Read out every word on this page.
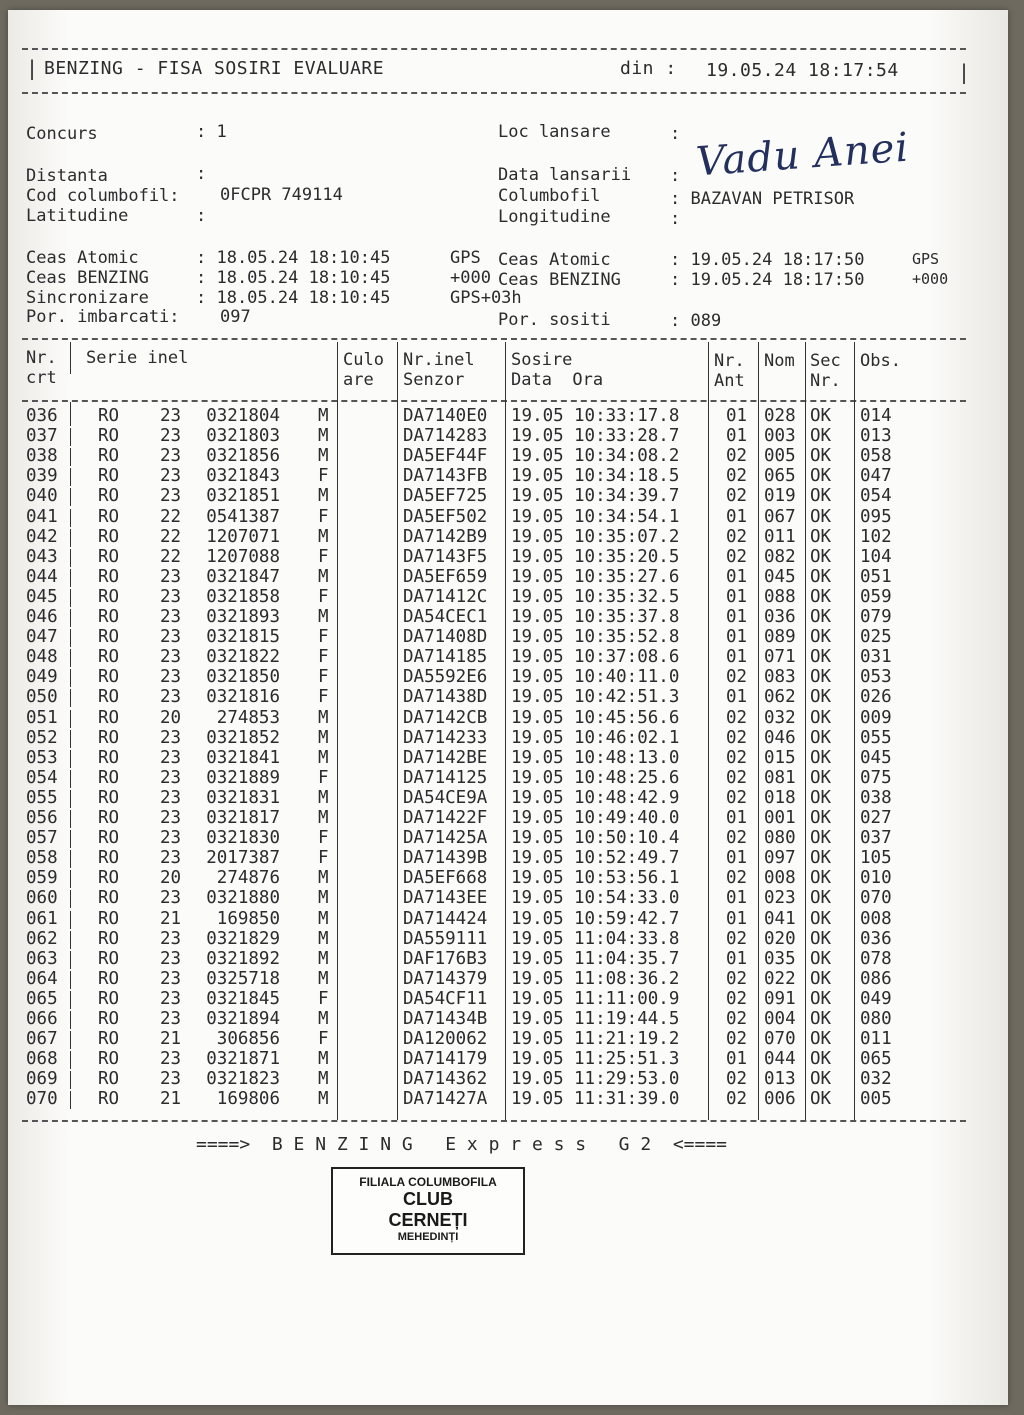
|	|
BENZING - FISA SOSIRI EVALUARE	din : 19.05.24 18:17:54
Concurs	: 1	Loc lansare	: Vadu Anei
Distanta	:	Data lansarii :
Cod columbofil: 0FCPR 749114	Columbofil	: BAZAVAN PETRISOR
Latitudine	:	Longitudine	:
Ceas Atomic	: 18.05.24 18:10:45	GPS Ceas Atomic	: 19.05.24 18:17:50	GPS
Ceas BENZING	: 18.05.24 18:10:45	+000 Ceas BENZING	: 19.05.24 18:17:50	+000
Sincronizare	: 18.05.24 18:10:45	GPS+03h
Por. imbarcati: 097	Por. sositi	: 089
Nr.
crt
Serie inel	Culo
are
Nr.inel
Senzor
Sosire
Data  Ora
Nr.
Ant
Nom Sec
Nr.
Obs.
036 RO 23 0321804 M	DA7140E0 19.05 10:33:17.8	01 028 OK 014
037 RO 23 0321803 M	DA714283 19.05 10:33:28.7	01 003 OK 013
038 RO 23 0321856 M	DA5EF44F 19.05 10:34:08.2	02 005 OK 058
039 RO 23 0321843 F	DA7143FB 19.05 10:34:18.5	02 065 OK 047
040 RO 23 0321851 M	DA5EF725 19.05 10:34:39.7	02 019 OK 054
041 RO 22 0541387 F	DA5EF502 19.05 10:34:54.1	01 067 OK 095
042 RO 22 1207071 M	DA7142B9 19.05 10:35:07.2	02 011 OK 102
043 RO 22 1207088 F	DA7143F5 19.05 10:35:20.5	02 082 OK 104
044 RO 23 0321847 M	DA5EF659 19.05 10:35:27.6	01 045 OK 051
045 RO 23 0321858 F	DA71412C 19.05 10:35:32.5	01 088 OK 059
046 RO 23 0321893 M	DA54CEC1 19.05 10:35:37.8	01 036 OK 079
047 RO 23 0321815 F	DA71408D 19.05 10:35:52.8	01 089 OK 025
048 RO 23 0321822 F	DA714185 19.05 10:37:08.6	01 071 OK 031
049 RO 23 0321850 F	DA5592E6 19.05 10:40:11.0	02 083 OK 053
050 RO 23 0321816 F	DA71438D 19.05 10:42:51.3	01 062 OK 026
051 RO 20 274853 M	DA7142CB 19.05 10:45:56.6	02 032 OK 009
052 RO 23 0321852 M	DA714233 19.05 10:46:02.1	02 046 OK 055
053 RO 23 0321841 M	DA7142BE 19.05 10:48:13.0	02 015 OK 045
054 RO 23 0321889 F	DA714125 19.05 10:48:25.6	02 081 OK 075
055 RO 23 0321831 M	DA54CE9A 19.05 10:48:42.9	02 018 OK 038
056 RO 23 0321817 M	DA71422F 19.05 10:49:40.0	01 001 OK 027
057 RO 23 0321830 F	DA71425A 19.05 10:50:10.4	02 080 OK 037
058 RO 23 2017387 F	DA71439B 19.05 10:52:49.7	01 097 OK 105
059 RO 20 274876 M	DA5EF668 19.05 10:53:56.1	02 008 OK 010
060 RO 23 0321880 M	DA7143EE 19.05 10:54:33.0	01 023 OK 070
061 RO 21 169850 M	DA714424 19.05 10:59:42.7	01 041 OK 008
062 RO 23 0321829 M	DA559111 19.05 11:04:33.8	02 020 OK 036
063 RO 23 0321892 M	DAF176B3 19.05 11:04:35.7	01 035 OK 078
064 RO 23 0325718 M	DA714379 19.05 11:08:36.2	02 022 OK 086
065 RO 23 0321845 F	DA54CF11 19.05 11:11:00.9	02 091 OK 049
066 RO 23 0321894 M	DA71434B 19.05 11:19:44.5	02 004 OK 080
067 RO 21 306856 F	DA120062 19.05 11:21:19.2	02 070 OK 011
068 RO 23 0321871 M	DA714179 19.05 11:25:51.3	01 044 OK 065
069 RO 23 0321823 M	DA714362 19.05 11:29:53.0	02 013 OK 032
070 RO 21 169806 M	DA71427A 19.05 11:31:39.0	02 006 OK 005
====>  B E N Z I N G   E x p r e s s   G 2  <====
FILIALA COLUMBOFILA
CLUB
CERNEȚI
MEHEDINȚI
